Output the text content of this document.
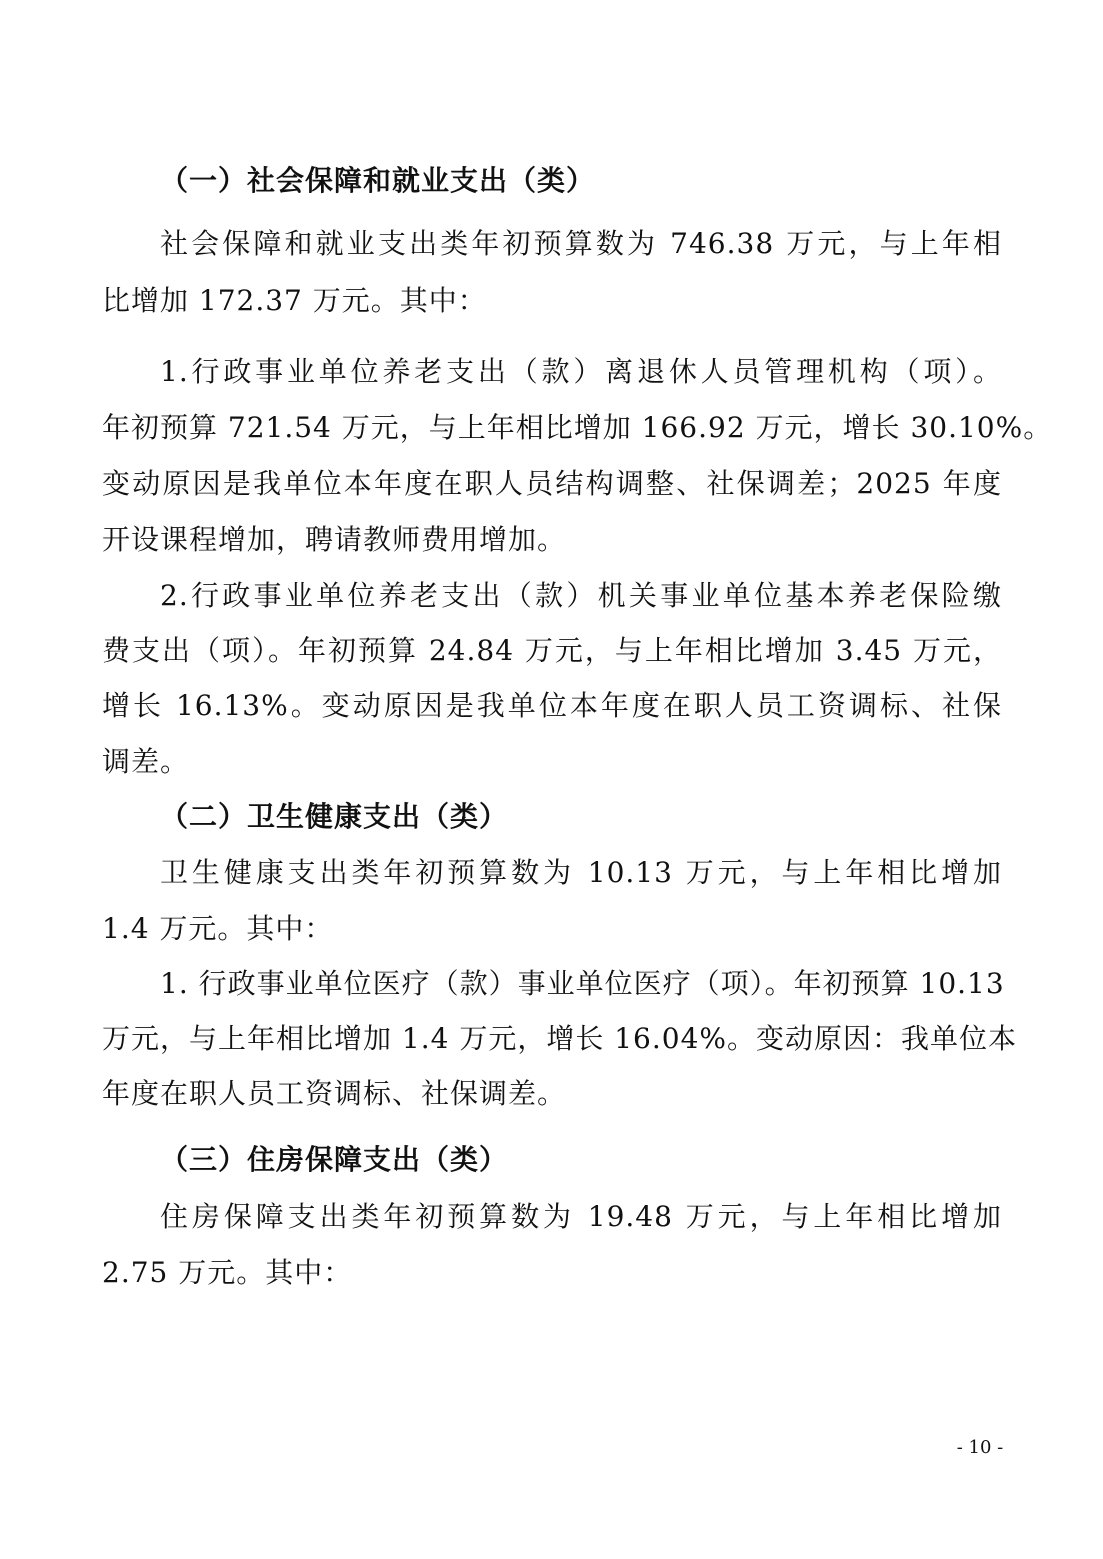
（一）社会保障和就业支出（类）
社会保障和就业支出类年初预算数为 746.38 万元，与上年相
比增加 172.37 万元。其中：
1.行政事业单位养老支出（款）离退休人员管理机构（项）。
年初预算 721.54 万元，与上年相比增加 166.92 万元，增长 30.10%。
变动原因是我单位本年度在职人员结构调整、社保调差；2025 年度
开设课程增加，聘请教师费用增加。
2.行政事业单位养老支出（款）机关事业单位基本养老保险缴
费支出（项）。年初预算 24.84 万元，与上年相比增加 3.45 万元，
增长 16.13%。变动原因是我单位本年度在职人员工资调标、社保
调差。
（二）卫生健康支出（类）
卫生健康支出类年初预算数为 10.13 万元，与上年相比增加
1.4 万元。其中：
1. 行政事业单位医疗（款）事业单位医疗（项）。年初预算 10.13
万元，与上年相比增加 1.4 万元，增长 16.04%。变动原因：我单位本
年度在职人员工资调标、社保调差。
（三）住房保障支出（类）
住房保障支出类年初预算数为 19.48 万元，与上年相比增加
2.75 万元。其中：
- 10 -
